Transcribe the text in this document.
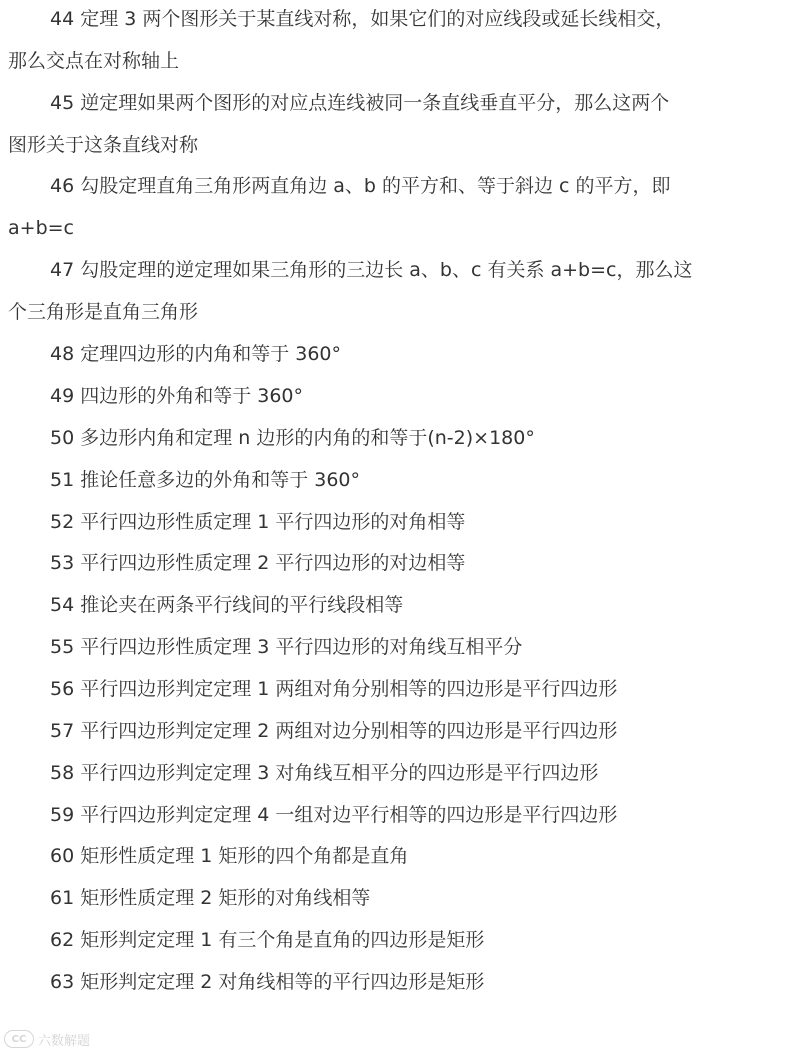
44 定理 3 两个图形关于某直线对称，如果它们的对应线段或延长线相交，
那么交点在对称轴上
45 逆定理如果两个图形的对应点连线被同一条直线垂直平分，那么这两个
图形关于这条直线对称
46 勾股定理直角三角形两直角边 a、b 的平方和、等于斜边 c 的平方，即
a+b=c
47 勾股定理的逆定理如果三角形的三边长 a、b、c 有关系 a+b=c，那么这
个三角形是直角三角形
48 定理四边形的内角和等于 360°
49 四边形的外角和等于 360°
50 多边形内角和定理 n 边形的内角的和等于(n-2)×180°
51 推论任意多边的外角和等于 360°
52 平行四边形性质定理 1 平行四边形的对角相等
53 平行四边形性质定理 2 平行四边形的对边相等
54 推论夹在两条平行线间的平行线段相等
55 平行四边形性质定理 3 平行四边形的对角线互相平分
56 平行四边形判定定理 1 两组对角分别相等的四边形是平行四边形
57 平行四边形判定定理 2 两组对边分别相等的四边形是平行四边形
58 平行四边形判定定理 3 对角线互相平分的四边形是平行四边形
59 平行四边形判定定理 4 一组对边平行相等的四边形是平行四边形
60 矩形性质定理 1 矩形的四个角都是直角
61 矩形性质定理 2 矩形的对角线相等
62 矩形判定定理 1 有三个角是直角的四边形是矩形
63 矩形判定定理 2 对角线相等的平行四边形是矩形
CC 六数解题
